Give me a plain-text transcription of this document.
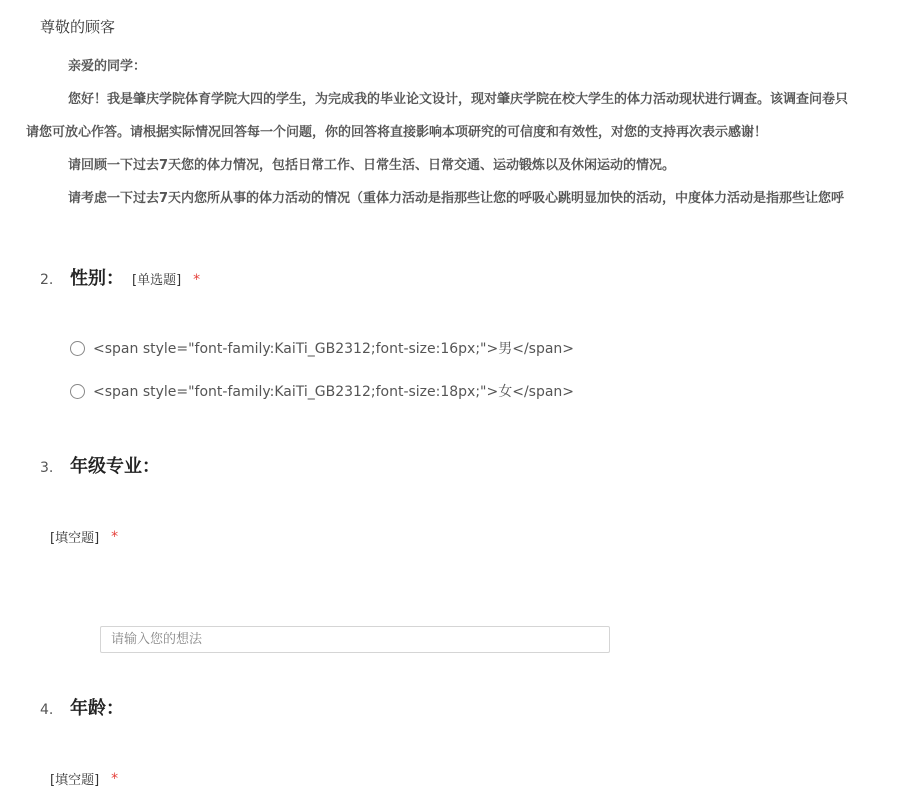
尊敬的顾客
亲爱的同学：
您好！我是肇庆学院体育学院大四的学生，为完成我的毕业论文设计，现对肇庆学院在校大学生的体力活动现状进行调查。该调查问卷只
请您可放心作答。请根据实际情况回答每一个问题，你的回答将直接影响本项研究的可信度和有效性，对您的支持再次表示感谢！
请回顾一下过去7天您的体力情况，包括日常工作、日常生活、日常交通、运动锻炼以及休闲运动的情况。
请考虑一下过去7天内您所从事的体力活动的情况（重体力活动是指那些让您的呼吸心跳明显加快的活动，中度体力活动是指那些让您呼
2. 性别： [单选题] *
<span style="font-family:KaiTi_GB2312;font-size:16px;">男</span>
<span style="font-family:KaiTi_GB2312;font-size:18px;">女</span>
3. 年级专业：
[填空题] *
请输入您的想法
4. 年龄：
[填空题] *
